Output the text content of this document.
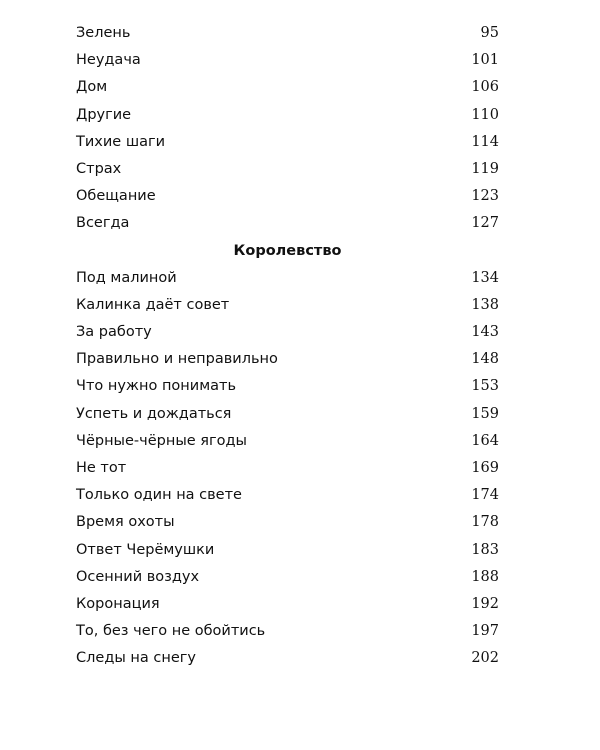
Зелень	95
Неудача	101
Дом	106
Другие	110
Тихие шаги	114
Страх	119
Обещание	123
Всегда	127
Королевство
Под малиной	134
Калинка даёт совет	138
За работу	143
Правильно и неправильно	148
Что нужно понимать	153
Успеть и дождаться	159
Чёрные-чёрные ягоды	164
Не тот	169
Только один на свете	174
Время охоты	178
Ответ Черёмушки	183
Осенний воздух	188
Коронация	192
То, без чего не обойтись	197
Следы на снегу	202
